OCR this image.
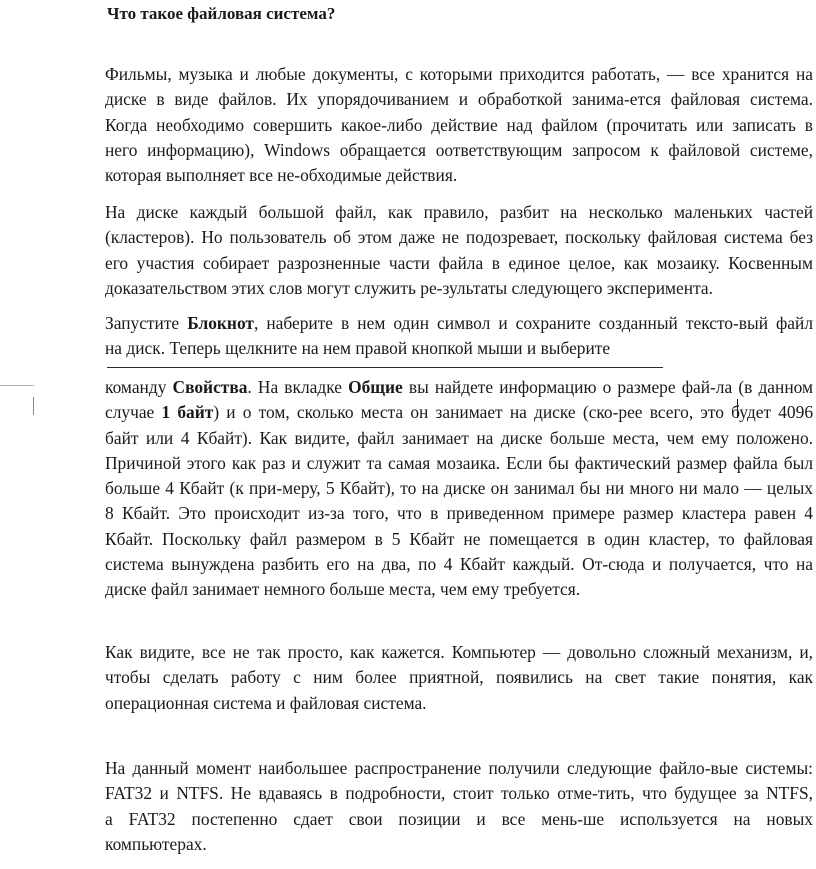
Что такое файловая система?
Фильмы, музыка и любые документы, с которыми приходится работать, — все хранится на
диске в виде файлов. Их упорядочиванием и обработкой занима-ется файловая система.
Когда необходимо совершить какое-либо действие над файлом (прочитать или записать в
него информацию), Windows обращается оответствующим запросом к файловой системе,
которая выполняет все не-обходимые действия.
На диске каждый большой файл, как правило, разбит на несколько маленьких частей
(кластеров). Но пользователь об этом даже не подозревает, поскольку файловая система без
его участия собирает разрозненные части файла в единое целое, как мозаику. Косвенным
доказательством этих слов могут служить ре-зультаты следующего эксперимента.
Запустите Блокнот, наберите в нем один символ и сохраните созданный тексто-вый файл
на диск. Теперь щелкните на нем правой кнопкой мыши и выберите
команду Свойства. На вкладке Общие вы найдете информацию о размере фай-ла (в данном
случае 1 байт) и о том, сколько места он занимает на диске (ско-рее всего, это будет 4096
байт или 4 Кбайт). Как видите, файл занимает на диске больше места, чем ему положено.
Причиной этого как раз и служит та самая мозаика. Если бы фактический размер файла был
больше 4 Кбайт (к при-меру, 5 Кбайт), то на диске он занимал бы ни много ни мало — целых
8 Кбайт. Это происходит из-за того, что в приведенном примере размер кластера равен 4
Кбайт. Поскольку файл размером в 5 Кбайт не помещается в один кластер, то файловая
система вынуждена разбить его на два, по 4 Кбайт каждый. От-сюда и получается, что на
диске файл занимает немного больше места, чем ему требуется.
Как видите, все не так просто, как кажется. Компьютер — довольно сложный механизм, и,
чтобы сделать работу с ним более приятной, появились на свет такие понятия, как
операционная система и файловая система.
На данный момент наибольшее распространение получили следующие файло-вые системы:
FAT32 и NTFS. Не вдаваясь в подробности, стоит только отме-тить, что будущее за NTFS,
а FAT32 постепенно сдает свои позиции и все мень-ше используется на новых
компьютерах.
